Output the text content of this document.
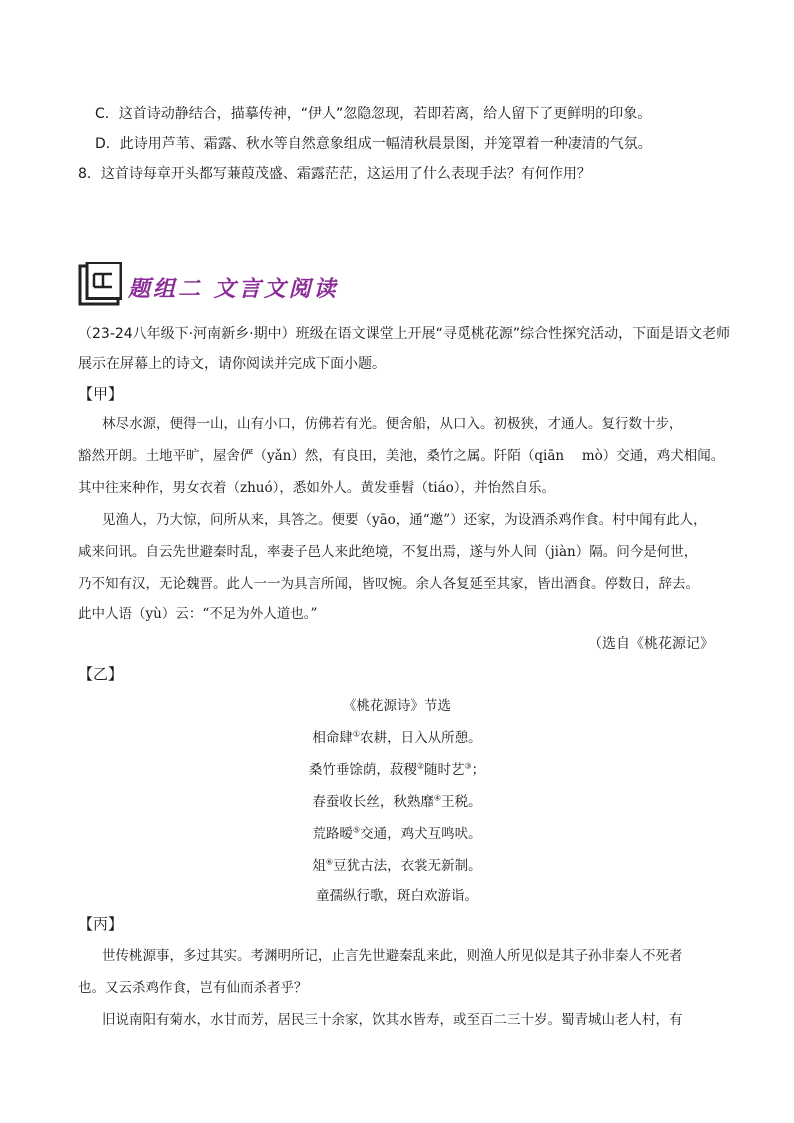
C．这首诗动静结合，描摹传神，“伊人”忽隐忽现，若即若离，给人留下了更鲜明的印象。
D．此诗用芦苇、霜露、秋水等自然意象组成一幅清秋晨景图，并笼罩着一种凄清的气氛。
8．这首诗每章开头都写蒹葭茂盛、霜露茫茫，这运用了什么表现手法？有何作用？
题组二 文言文阅读
（23-24八年级下·河南新乡·期中）班级在语文课堂上开展“寻觅桃花源”综合性探究活动，下面是语文老师
展示在屏幕上的诗文，请你阅读并完成下面小题。
【甲】
林尽水源，便得一山，山有小口，仿佛若有光。便舍船，从口入。初极狭，才通人。复行数十步，
豁然开朗。土地平旷，屋舍俨（yǎn）然，有良田，美池，桑竹之属。阡陌（qiān　 mò）交通，鸡犬相闻。
其中往来种作，男女衣着（zhuó），悉如外人。黄发垂髫（tiáo），并怡然自乐。
见渔人，乃大惊，问所从来，具答之。便要（yāo，通“邀”）还家，为设酒杀鸡作食。村中闻有此人，
咸来问讯。自云先世避秦时乱，率妻子邑人来此绝境，不复出焉，遂与外人间（jiàn）隔。问今是何世，
乃不知有汉，无论魏晋。此人一一为具言所闻，皆叹惋。余人各复延至其家，皆出酒食。停数日，辞去。
此中人语（yù）云：“不足为外人道也。”
（选自《桃花源记》
【乙】
《桃花源诗》节选
相命肆①农耕，日入从所憩。
桑竹垂馀荫，菽稷②随时艺③；
春蚕收长丝，秋熟靡④王税。
荒路暧⑤交通，鸡犬互鸣吠。
俎⑥豆犹古法，衣裳无新制。
童孺纵行歌，斑白欢游诣。
【丙】
世传桃源事，多过其实。考渊明所记，止言先世避秦乱来此，则渔人所见似是其子孙非秦人不死者
也。又云杀鸡作食，岂有仙而杀者乎？
旧说南阳有菊水，水甘而芳，居民三十余家，饮其水皆寿，或至百二三十岁。蜀青城山老人村，有
